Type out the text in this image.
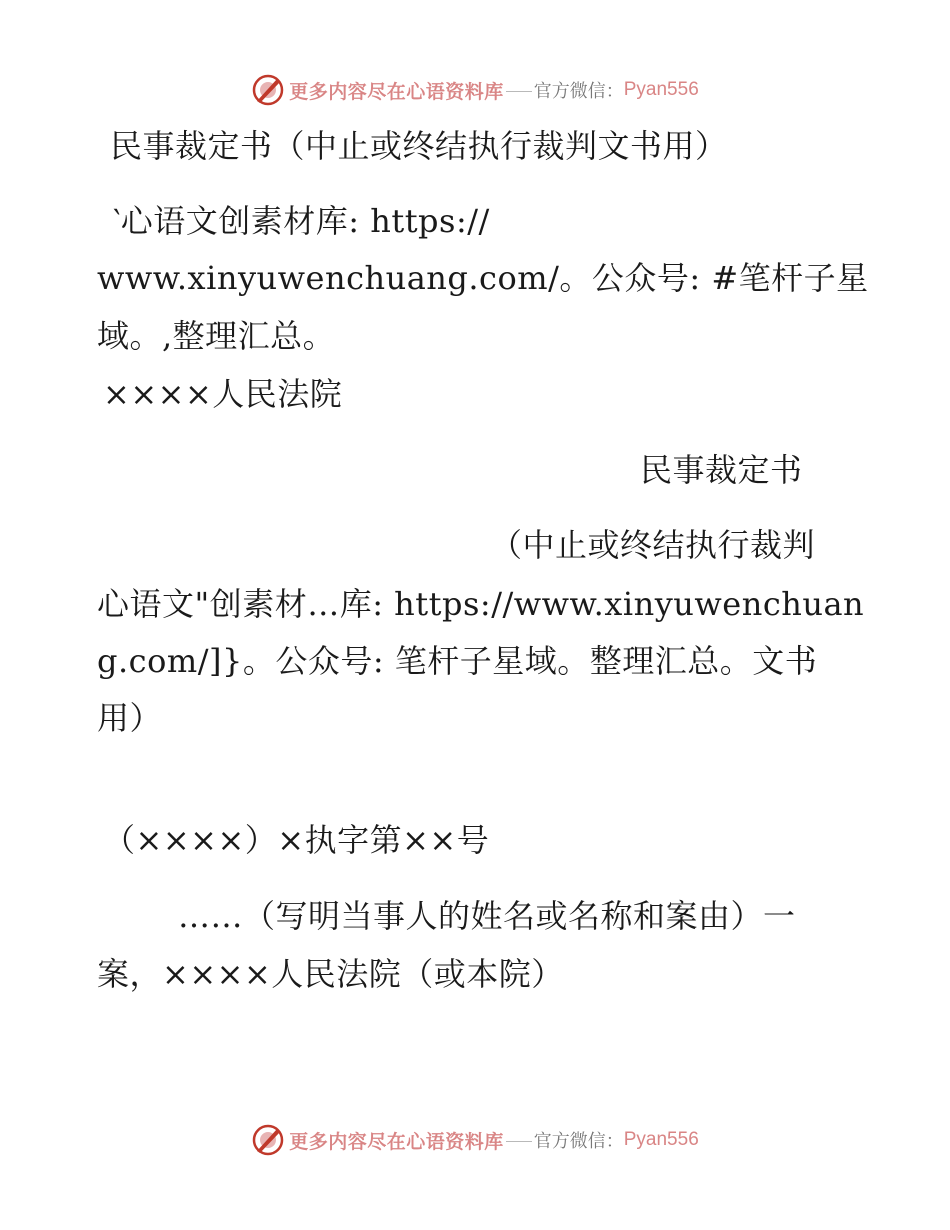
更多内容尽在心语资料库 官方微信： Pyan556
民事裁定书（中止或终结执行裁判文书用）
‵心语文创素材库: https://
www.xinyuwenchuang.com/。公众号: #笔杆子星
域。,整理汇总。
××××人民法院
民事裁定书
（中止或终结执行裁判
心语文"创素材…库: https://www.xinyuwenchuan
g.com/]}。公众号: 笔杆子星域。整理汇总。文书
用）
（××××）×执字第××号
……（写明当事人的姓名或名称和案由）一
案，××××人民法院（或本院）
更多内容尽在心语资料库 官方微信： Pyan556
